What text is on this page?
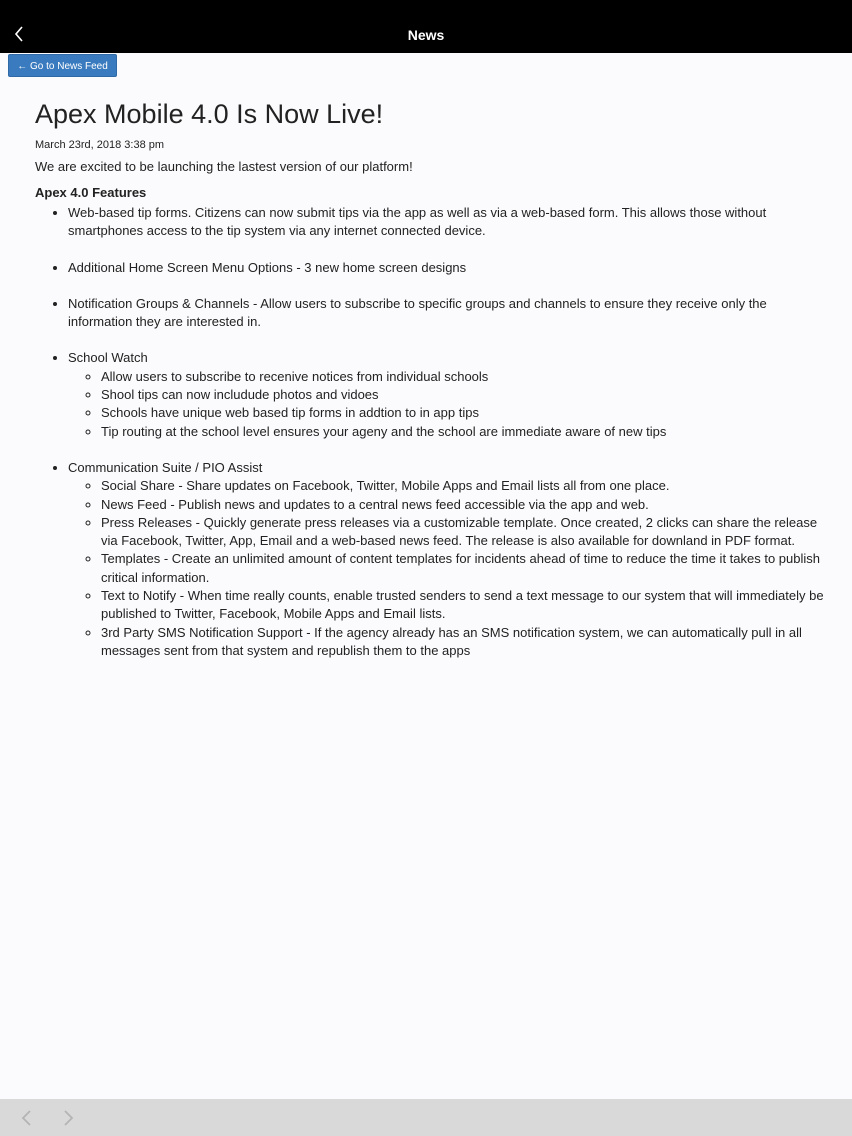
News
← Go to News Feed
Apex Mobile 4.0 Is Now Live!
March 23rd, 2018 3:38 pm
We are excited to be launching the lastest version of our platform!
Apex 4.0 Features
• Web-based tip forms. Citizens can now submit tips via the app as well as via a web-based form. This allows those without smartphones access to the tip system via any internet connected device.
• Additional Home Screen Menu Options - 3 new home screen designs
• Notification Groups & Channels - Allow users to subscribe to specific groups and channels to ensure they receive only the information they are interested in.
• School Watch
◦ Allow users to subscribe to recenive notices from individual schools
◦ Shool tips can now includude photos and vidoes
◦ Schools have unique web based tip forms in addtion to in app tips
◦ Tip routing at the school level ensures your ageny and the school are immediate aware of new tips
• Communication Suite / PIO Assist
◦ Social Share - Share updates on Facebook, Twitter, Mobile Apps and Email lists all from one place.
◦ News Feed - Publish news and updates to a central news feed accessible via the app and web.
◦ Press Releases - Quickly generate press releases via a customizable template. Once created, 2 clicks can share the release via Facebook, Twitter, App, Email and a web-based news feed. The release is also available for downland in PDF format.
◦ Templates - Create an unlimited amount of content templates for incidents ahead of time to reduce the time it takes to publish critical information.
◦ Text to Notify - When time really counts, enable trusted senders to send a text message to our system that will immediately be published to Twitter, Facebook, Mobile Apps and Email lists.
◦ 3rd Party SMS Notification Support - If the agency already has an SMS notification system, we can automatically pull in all messages sent from that system and republish them to the apps
